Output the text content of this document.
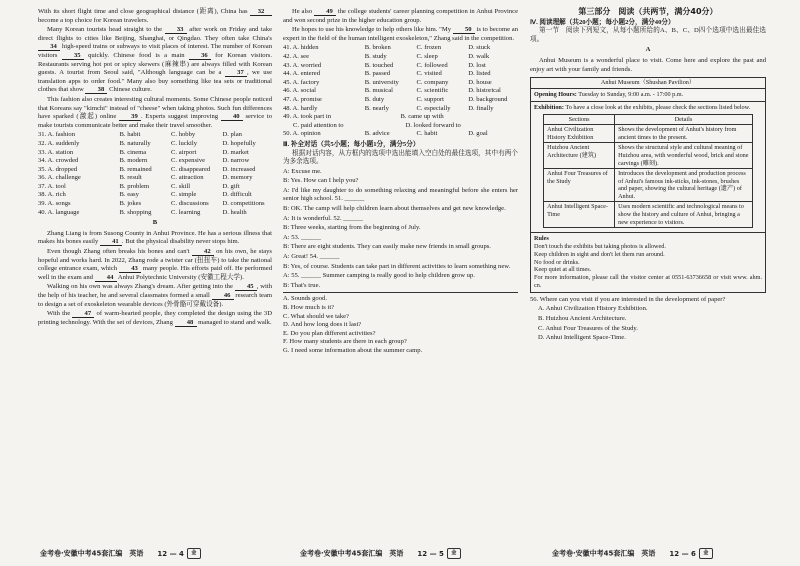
With its short flight time and close geographical distance (距离), China has 32 become a top choice for Korean travelers.

Many Korean tourists head straight to the 33 after work on Friday and take direct flights to cities like Beijing, Shanghai, or Qingdao. They often take China's 34 high-speed trains or subways to visit places of interest. The number of Korean visitors 35 quickly. Chinese food is a main 36 for Korean visitors. Restaurants serving hot pot or spicy skewers (麻辣串) are always filled with Korean guests. A tourist from Seoul said, "Although language can be a 37 , we use translation apps to order food." Many also buy something like tea sets or traditional clothes that show 38 Chinese culture.

This fashion also creates interesting cultural moments. Some Chinese people noticed that Koreans say "kimchi" instead of "cheese" when taking photos. Such fun differences have sparked (激起) online 39 . Experts suggest improving 40 service to make tourists communicate better and make their travel smoother.

31. A. fashion	B. habit	C. hobby	D. plan
32. A. suddenly	B. naturally	C. luckily	D. hopefully
33. A. station	B. cinema	C. airport	D. market
34. A. crowded	B. modern	C. expensive	D. narrow
35. A. dropped	B. remained	C. disappeared	D. increased
36. A. challenge	B. result	C. attraction	D. memory
37. A. tool	B. problem	C. skill	D. gift
38. A. rich	B. easy	C. simple	D. difficult
39. A. songs	B. jokes	C. discussions	D. competitions
40. A. language	B. shopping	C. learning	D. health
B

Zhang Liang is from Susong County in Anhui Province. He has a serious illness that makes his bones easily 41 . But the physical disability never stops him.

Even though Zhang often breaks his bones and can't 42 on his own, he stays hopeful and works hard. In 2022, Zhang rode a twister car (扭扭车) to take the national college entrance exam, which 43 many people. His efforts paid off. He performed well in the exam and 44 Anhui Polytechnic University (安徽工程大学).

Walking on his own was always Zhang's dream. After getting into the 45 , with the help of his teacher, he and several classmates formed a small 46 research team to design a set of exoskeleton wearable devices (外骨骼可穿戴设备).

With the 47 of warm-hearted people, they completed the design using the 3D printing technology. With the set of devices, Zhang 48 managed to stand and walk.

He also 49 the college students' career planning competition in Anhui Province and won second prize in the higher education group.

He hopes to use his knowledge to help others like him. "My 50 is to become an expert in the field of the human intelligent exoskeleton," Zhang said in the competition.

41. A. hidden	B. broken	C. frozen	D. stuck
42. A. see	B. study	C. sleep	D. walk
43. A. worried	B. touched	C. followed	D. lost
44. A. entered	B. passed	C. visited	D. listed
45. A. factory	B. university	C. company	D. house
46. A. social	B. musical	C. scientific	D. historical
47. A. promise	B. duty	C. support	D. background
48. A. hardly	B. nearly	C. especially	D. finally
49. A. took part in	B. came up with
C. paid attention to	D. looked forward to
50. A. opinion	B. advice	C. habit	D. goal
Ⅲ. 补全对话（共5小题；每小题1分，满分5分）

根据对话内容，从方框内的选项中选出能填入空白处的最佳选项，其中有两个为多余选项。

A: Excuse me.

B: Yes. How can I help you?

A: I'd like my daughter to do something relaxing and meaningful before she enters her senior high school. 51. ______

B: OK. The camp will help children learn about themselves and get new knowledge.

A: It is wonderful. 52. ______

B: Three weeks, starting from the beginning of July.

A: 53. ______

B: There are eight students. They can easily make new friends in small groups.

A: Great! 54. ______

B: Yes, of course. Students can take part in different activities to learn something new.

A: 55. ______ Summer camping is really good to help children grow up.

B: That's true.

A. Sounds good.

B. How much is it?

C. What should we take?

D. And how long does it last?

E. Do you plan different activities?

F. How many students are there in each group?

G. I need some information about the summer camp.

第三部分　阅读（共两节，满分40分）
Ⅳ. 阅读理解（共20小题；每小题2分，满分40分）

第一节　阅读下列短文，从每小题所给的A、B、C、D四个选项中选出最佳选项。

A

Anhui Museum is a wonderful place to visit. Come here and explore the past and enjoy art with your family and friends.

Anhui Museum（Shushan Pavilion）
Opening Hours: Tuesday to Sunday, 9:00 a.m. - 17:00 p.m.
Exhibition: To have a close look at the exhibits, please check the sections listed below.
Sections	Details
Anhui Civilization History Exhibition	Shows the development of Anhui's history from ancient times to the present.
Huizhou Ancient Architecture (建筑)	Shows the structural style and cultural meaning of Huizhou area, with wonderful wood, brick and stone carvings (雕刻).
Anhui Four Treasures of the Study	Introduces the development and production process of Anhui's famous ink-sticks, ink-stones, brushes and paper, showing the cultural heritage (遗产) of Anhui.
Anhui Intelligent Space-Time	Uses modern scientific and technological means to show the history and culture of Anhui, bringing a new experience to visitors.
Rules

Don't touch the exhibits but taking photos is allowed.

Keep children in sight and don't let them run around.

No food or drinks.

Keep quiet at all times.

For more information, please call the visitor center at 0551-63736658 or visit www. ahm. cn.

56. Where can you visit if you are interested in the development of paper?

A. Anhui Civilization History Exhibition.

B. Huizhou Ancient Architecture.

C. Anhui Four Treasures of the Study.

D. Anhui Intelligent Space-Time.

金考卷·安徽中考45套汇编　英语 12 — 4 金	金考卷·安徽中考45套汇编　英语 12 — 5 金	金考卷·安徽中考45套汇编　英语 12 — 6 金
